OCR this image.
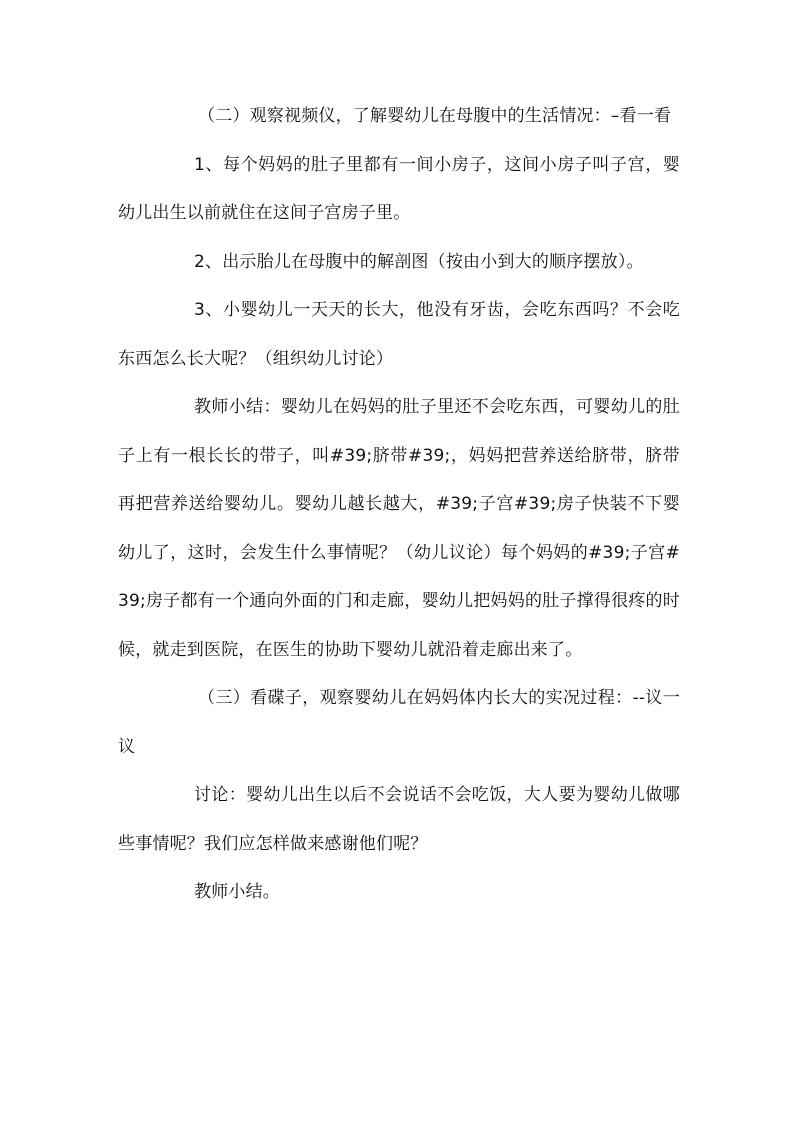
（二）观察视频仪，了解婴幼儿在母腹中的生活情况：–看一看

1、每个妈妈的肚子里都有一间小房子，这间小房子叫子宫，婴幼儿出生以前就住在这间子宫房子里。

2、出示胎儿在母腹中的解剖图（按由小到大的顺序摆放）。

3、小婴幼儿一天天的长大，他没有牙齿，会吃东西吗？不会吃东西怎么长大呢？（组织幼儿讨论）

教师小结：婴幼儿在妈妈的肚子里还不会吃东西，可婴幼儿的肚子上有一根长长的带子，叫#39;脐带#39;，妈妈把营养送给脐带，脐带再把营养送给婴幼儿。婴幼儿越长越大，#39;子宫#39;房子快装不下婴幼儿了，这时，会发生什么事情呢？（幼儿议论）每个妈妈的#39;子宫#39;房子都有一个通向外面的门和走廊，婴幼儿把妈妈的肚子撑得很疼的时候，就走到医院，在医生的协助下婴幼儿就沿着走廊出来了。

（三）看碟子，观察婴幼儿在妈妈体内长大的实况过程：--议一议

讨论：婴幼儿出生以后不会说话不会吃饭，大人要为婴幼儿做哪些事情呢？我们应怎样做来感谢他们呢？

教师小结。
